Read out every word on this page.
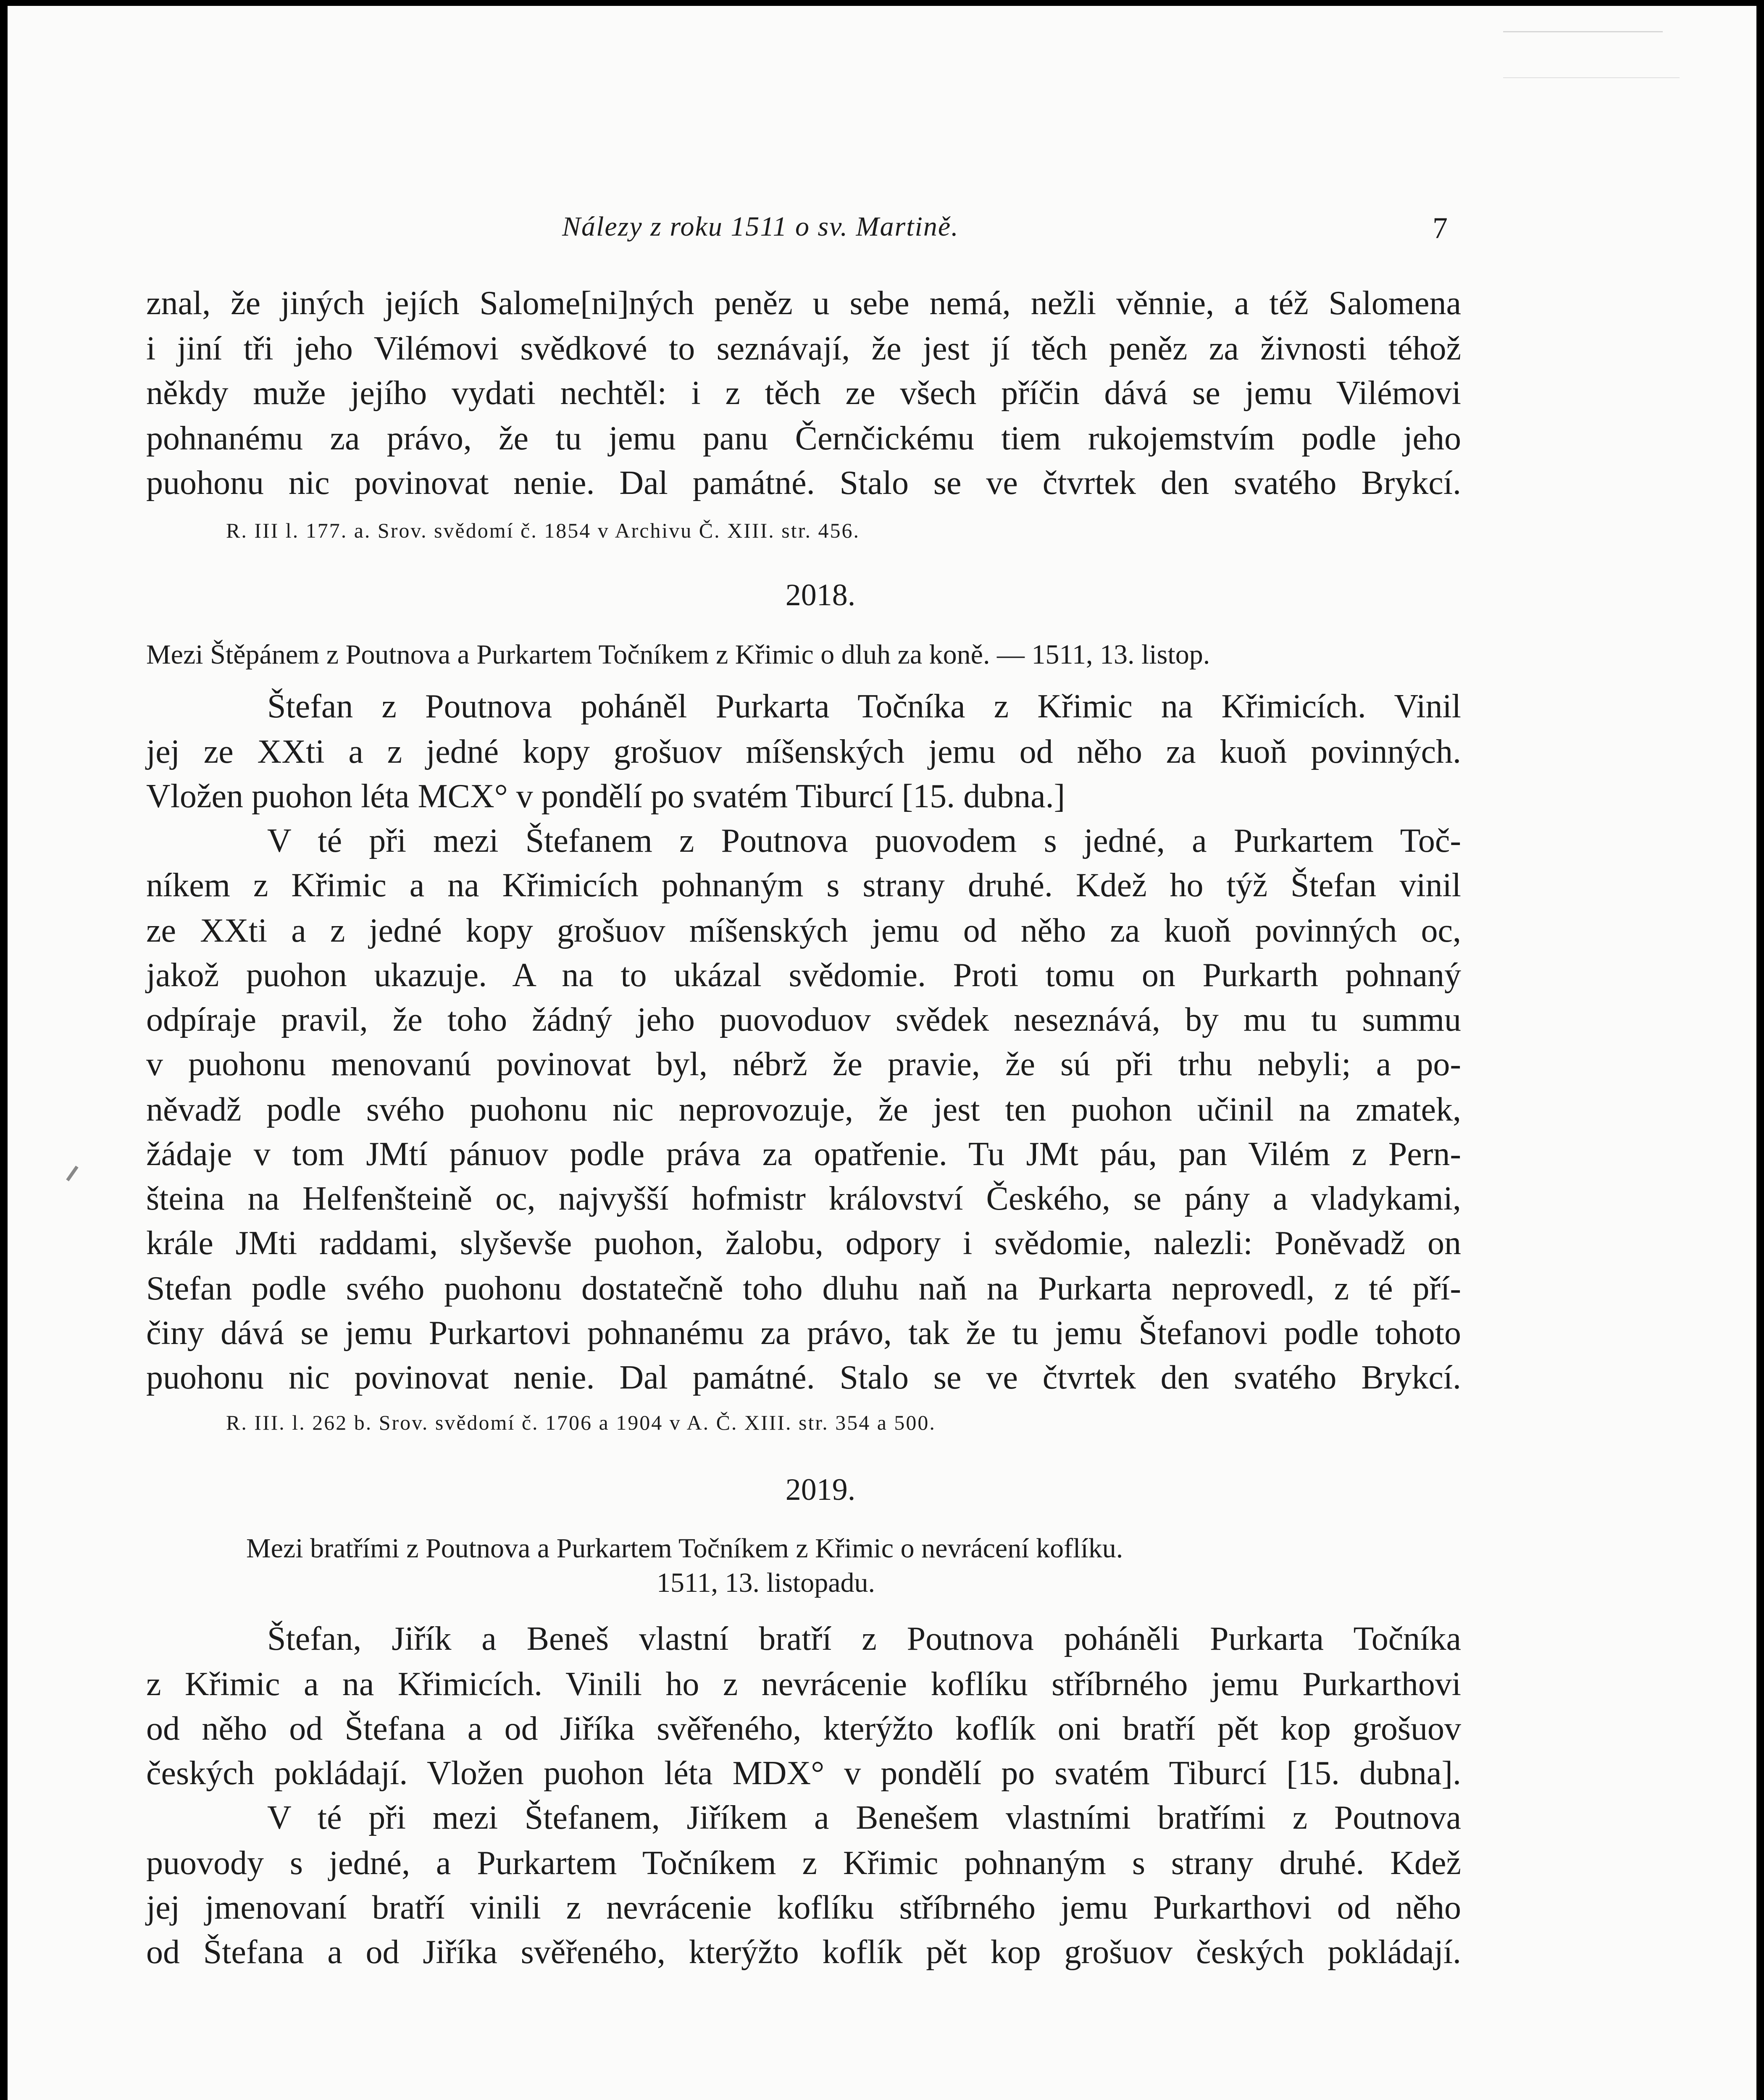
Nálezy z roku 1511 o sv. Martině.	7
znal, že jiných jejích Salome[ni]ných peněz u sebe nemá, nežli věnnie, a též Salomena
i jiní tři jeho Vilémovi svědkové to seznávají, že jest jí těch peněz za živnosti téhož
někdy muže jejího vydati nechtěl: i z těch ze všech příčin dává se jemu Vilémovi
pohnanému za právo, že tu jemu panu Černčickému tiem rukojemstvím podle jeho
puohonu nic povinovat nenie. Dal památné. Stalo se ve čtvrtek den svatého Brykcí.
R. III l. 177. a. Srov. svědomí č. 1854 v Archivu Č. XIII. str. 456.
2018.
Mezi Štěpánem z Poutnova a Purkartem Točníkem z Křimic o dluh za koně. — 1511, 13. listop.
Štefan z Poutnova poháněl Purkarta Točníka z Křimic na Křimicích. Vinil
jej ze XXti a z jedné kopy grošuov míšenských jemu od něho za kuoň povinných.
Vložen puohon léta MCX° v pondělí po svatém Tiburcí [15. dubna.]
V té při mezi Štefanem z Poutnova puovodem s jedné, a Purkartem Toč-
níkem z Křimic a na Křimicích pohnaným s strany druhé. Kdež ho týž Štefan vinil
ze XXti a z jedné kopy grošuov míšenských jemu od něho za kuoň povinných oc,
jakož puohon ukazuje. A na to ukázal svědomie. Proti tomu on Purkarth pohnaný
odpíraje pravil, že toho žádný jeho puovoduov svědek neseznává, by mu tu summu
v puohonu menovanú povinovat byl, nébrž že pravie, že sú při trhu nebyli; a po-
něvadž podle svého puohonu nic neprovozuje, že jest ten puohon učinil na zmatek,
žádaje v tom JMtí pánuov podle práva za opatřenie. Tu JMt páu, pan Vilém z Pern-
šteina na Helfenšteině oc, najvyšší hofmistr království Českého, se pány a vladykami,
krále JMti raddami, slyševše puohon, žalobu, odpory i svědomie, nalezli: Poněvadž on
Stefan podle svého puohonu dostatečně toho dluhu naň na Purkarta neprovedl, z té pří-
činy dává se jemu Purkartovi pohnanému za právo, tak že tu jemu Štefanovi podle tohoto
puohonu nic povinovat nenie. Dal památné. Stalo se ve čtvrtek den svatého Brykcí.
R. III. l. 262 b. Srov. svědomí č. 1706 a 1904 v A. Č. XIII. str. 354 a 500.
2019.
Mezi bratřími z Poutnova a Purkartem Točníkem z Křimic o nevrácení koflíku.
1511, 13. listopadu.
Štefan, Jiřík a Beneš vlastní bratří z Poutnova poháněli Purkarta Točníka
z Křimic a na Křimicích. Vinili ho z nevrácenie koflíku stříbrného jemu Purkarthovi
od něho od Štefana a od Jiříka svěřeného, kterýžto koflík oni bratří pět kop grošuov
českých pokládají. Vložen puohon léta MDX° v pondělí po svatém Tiburcí [15. dubna].
V té při mezi Štefanem, Jiříkem a Benešem vlastními bratřími z Poutnova
puovody s jedné, a Purkartem Točníkem z Křimic pohnaným s strany druhé. Kdež
jej jmenovaní bratří vinili z nevrácenie koflíku stříbrného jemu Purkarthovi od něho
od Štefana a od Jiříka svěřeného, kterýžto koflík pět kop grošuov českých pokládají.
